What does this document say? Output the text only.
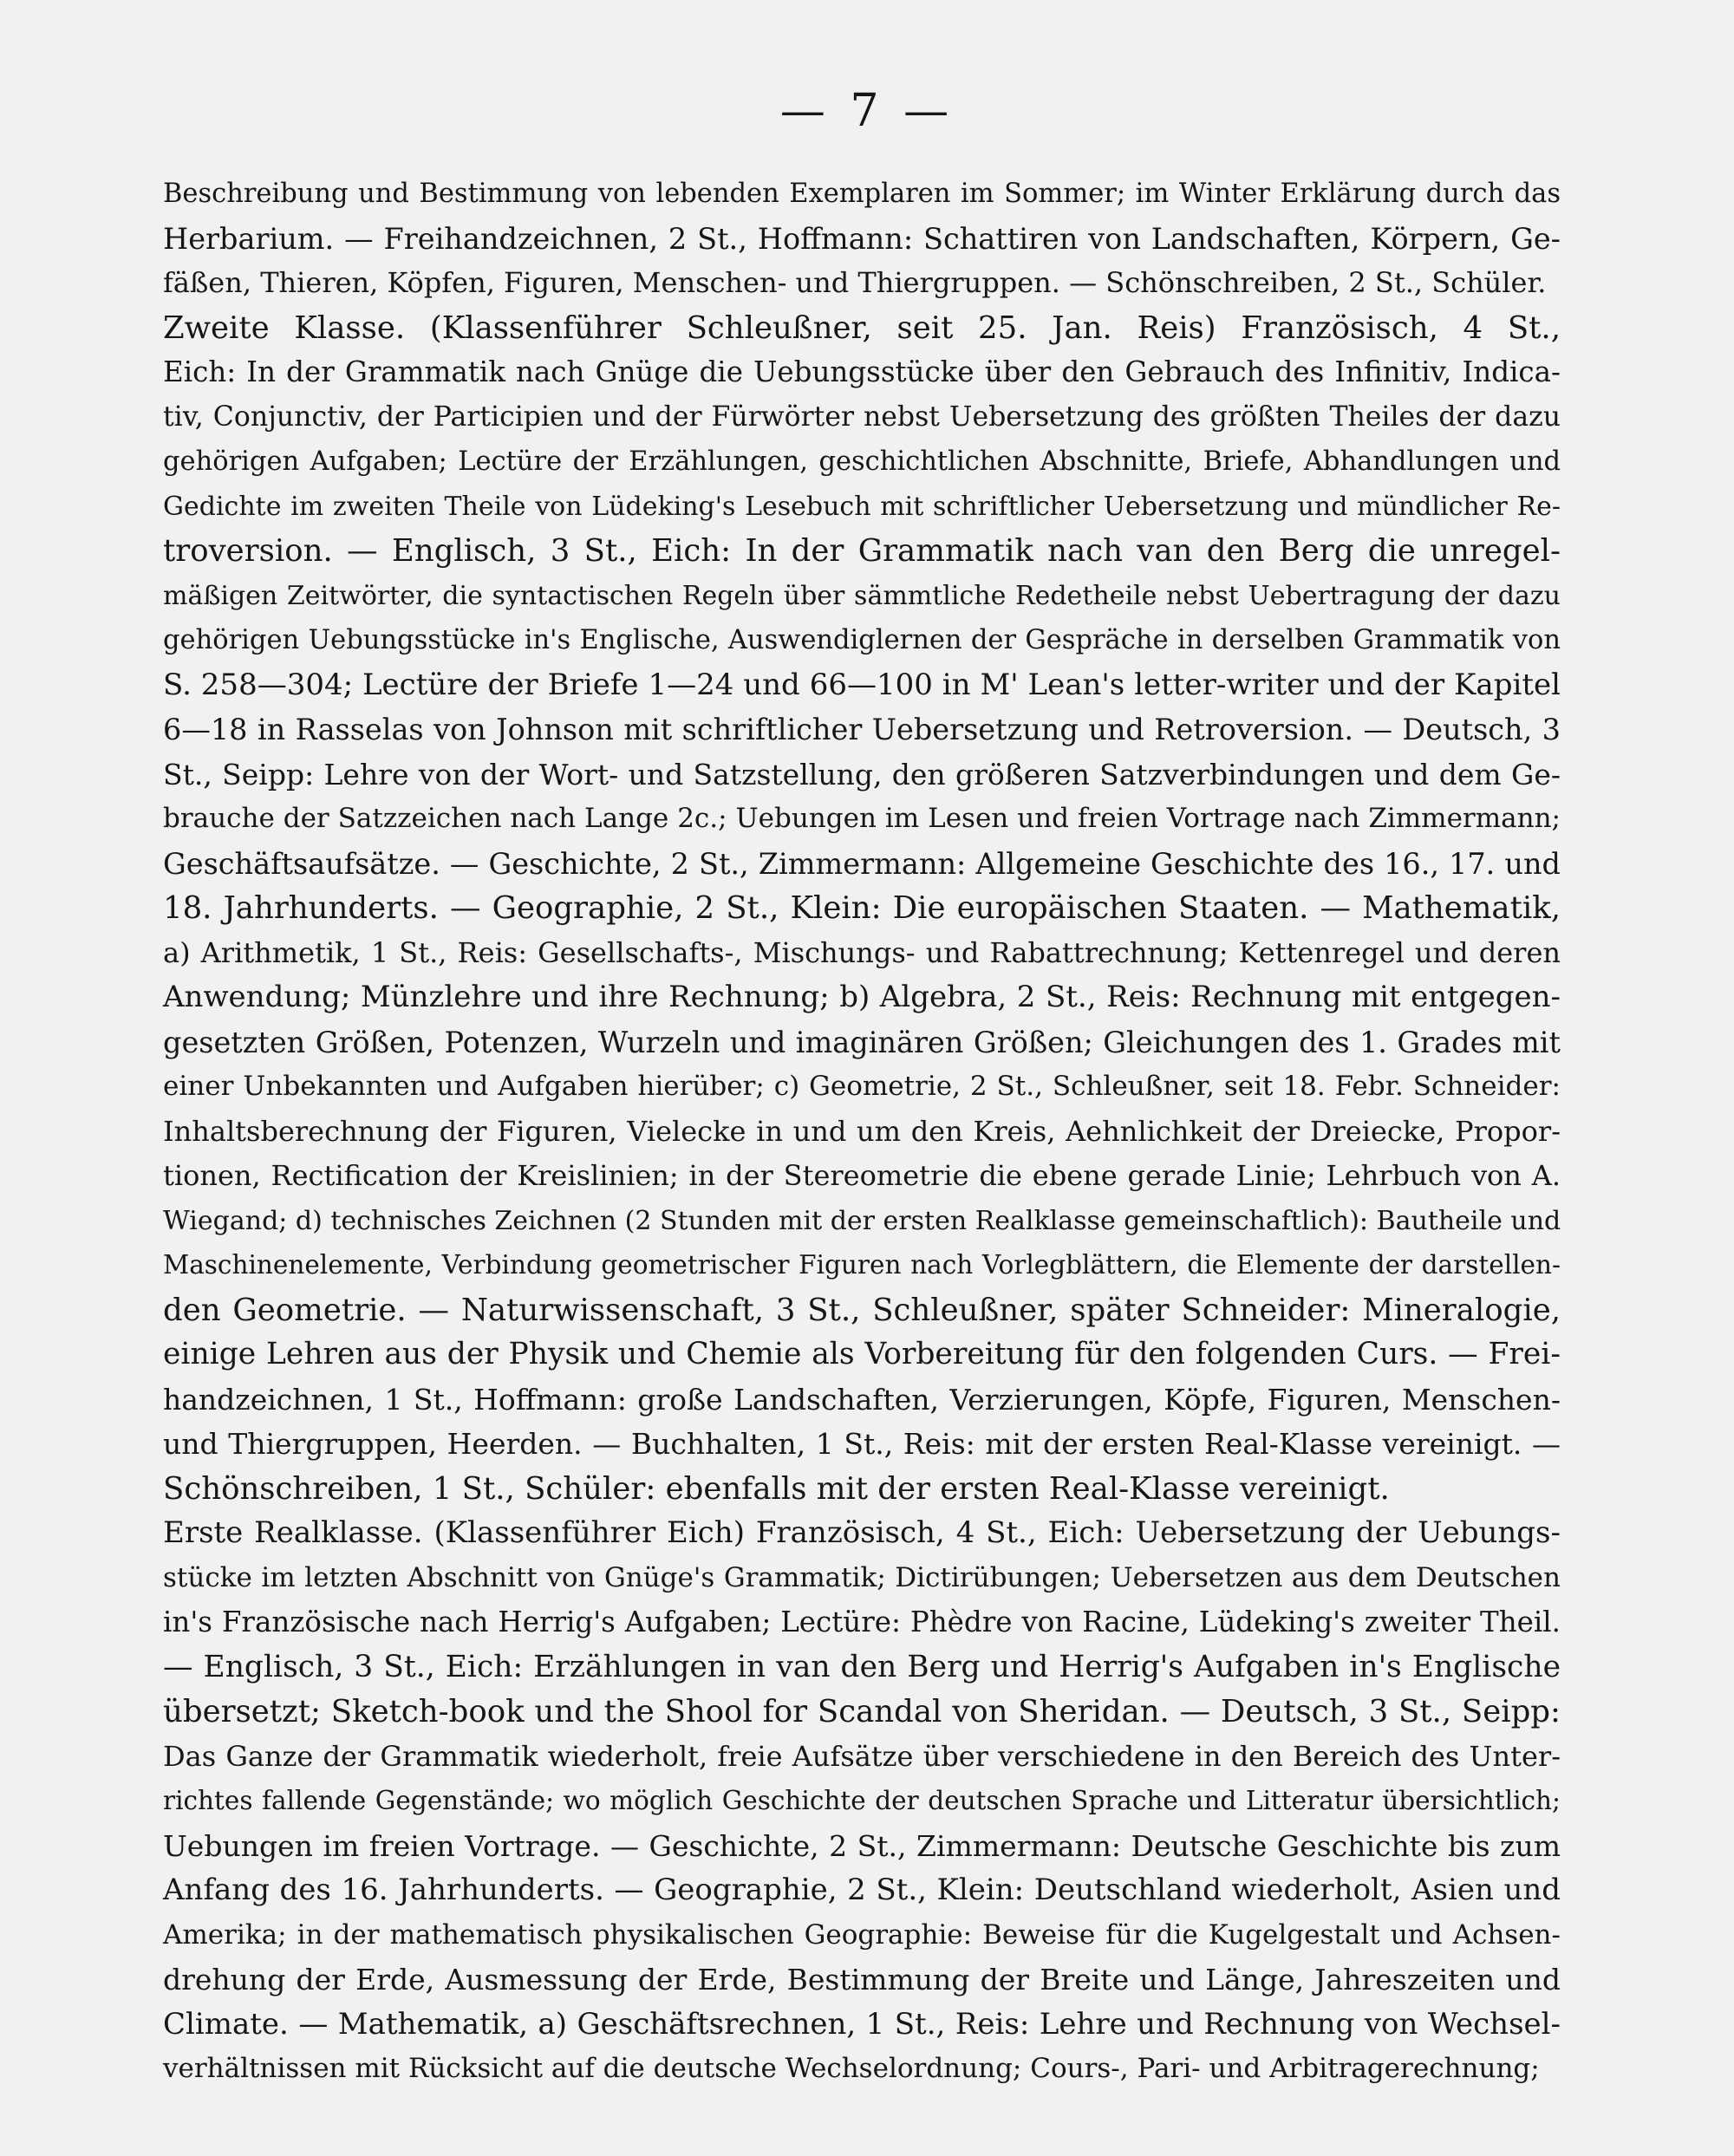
— 7 —
Beschreibung und Bestimmung von lebenden Exemplaren im Sommer; im Winter Erklärung durch das
Herbarium. — Freihandzeichnen, 2 St., Hoffmann: Schattiren von Landschaften, Körpern, Ge-
fäßen, Thieren, Köpfen, Figuren, Menschen- und Thiergruppen. — Schönschreiben, 2 St., Schüler.
Zweite Klasse. (Klassenführer Schleußner, seit 25. Jan. Reis) Französisch, 4 St.,
Eich: In der Grammatik nach Gnüge die Uebungsstücke über den Gebrauch des Infinitiv, Indica-
tiv, Conjunctiv, der Participien und der Fürwörter nebst Uebersetzung des größten Theiles der dazu
gehörigen Aufgaben; Lectüre der Erzählungen, geschichtlichen Abschnitte, Briefe, Abhandlungen und
Gedichte im zweiten Theile von Lüdeking's Lesebuch mit schriftlicher Uebersetzung und mündlicher Re-
troversion. — Englisch, 3 St., Eich: In der Grammatik nach van den Berg die unregel-
mäßigen Zeitwörter, die syntactischen Regeln über sämmtliche Redetheile nebst Uebertragung der dazu
gehörigen Uebungsstücke in's Englische, Auswendiglernen der Gespräche in derselben Grammatik von
S. 258—304; Lectüre der Briefe 1—24 und 66—100 in M' Lean's letter-writer und der Kapitel
6—18 in Rasselas von Johnson mit schriftlicher Uebersetzung und Retroversion. — Deutsch, 3
St., Seipp: Lehre von der Wort- und Satzstellung, den größeren Satzverbindungen und dem Ge-
brauche der Satzzeichen nach Lange 2c.; Uebungen im Lesen und freien Vortrage nach Zimmermann;
Geschäftsaufsätze. — Geschichte, 2 St., Zimmermann: Allgemeine Geschichte des 16., 17. und
18. Jahrhunderts. — Geographie, 2 St., Klein: Die europäischen Staaten. — Mathematik,
a) Arithmetik, 1 St., Reis: Gesellschafts-, Mischungs- und Rabattrechnung; Kettenregel und deren
Anwendung; Münzlehre und ihre Rechnung; b) Algebra, 2 St., Reis: Rechnung mit entgegen-
gesetzten Größen, Potenzen, Wurzeln und imaginären Größen; Gleichungen des 1. Grades mit
einer Unbekannten und Aufgaben hierüber; c) Geometrie, 2 St., Schleußner, seit 18. Febr. Schneider:
Inhaltsberechnung der Figuren, Vielecke in und um den Kreis, Aehnlichkeit der Dreiecke, Propor-
tionen, Rectification der Kreislinien; in der Stereometrie die ebene gerade Linie; Lehrbuch von A.
Wiegand; d) technisches Zeichnen (2 Stunden mit der ersten Realklasse gemeinschaftlich): Bautheile und
Maschinenelemente, Verbindung geometrischer Figuren nach Vorlegblättern, die Elemente der darstellen-
den Geometrie. — Naturwissenschaft, 3 St., Schleußner, später Schneider: Mineralogie,
einige Lehren aus der Physik und Chemie als Vorbereitung für den folgenden Curs. — Frei-
handzeichnen, 1 St., Hoffmann: große Landschaften, Verzierungen, Köpfe, Figuren, Menschen-
und Thiergruppen, Heerden. — Buchhalten, 1 St., Reis: mit der ersten Real-Klasse vereinigt. —
Schönschreiben, 1 St., Schüler: ebenfalls mit der ersten Real-Klasse vereinigt.
Erste Realklasse. (Klassenführer Eich) Französisch, 4 St., Eich: Uebersetzung der Uebungs-
stücke im letzten Abschnitt von Gnüge's Grammatik; Dictirübungen; Uebersetzen aus dem Deutschen
in's Französische nach Herrig's Aufgaben; Lectüre: Phèdre von Racine, Lüdeking's zweiter Theil.
— Englisch, 3 St., Eich: Erzählungen in van den Berg und Herrig's Aufgaben in's Englische
übersetzt; Sketch-book und the Shool for Scandal von Sheridan. — Deutsch, 3 St., Seipp:
Das Ganze der Grammatik wiederholt, freie Aufsätze über verschiedene in den Bereich des Unter-
richtes fallende Gegenstände; wo möglich Geschichte der deutschen Sprache und Litteratur übersichtlich;
Uebungen im freien Vortrage. — Geschichte, 2 St., Zimmermann: Deutsche Geschichte bis zum
Anfang des 16. Jahrhunderts. — Geographie, 2 St., Klein: Deutschland wiederholt, Asien und
Amerika; in der mathematisch physikalischen Geographie: Beweise für die Kugelgestalt und Achsen-
drehung der Erde, Ausmessung der Erde, Bestimmung der Breite und Länge, Jahreszeiten und
Climate. — Mathematik, a) Geschäftsrechnen, 1 St., Reis: Lehre und Rechnung von Wechsel-
verhältnissen mit Rücksicht auf die deutsche Wechselordnung; Cours-, Pari- und Arbitragerechnung;
